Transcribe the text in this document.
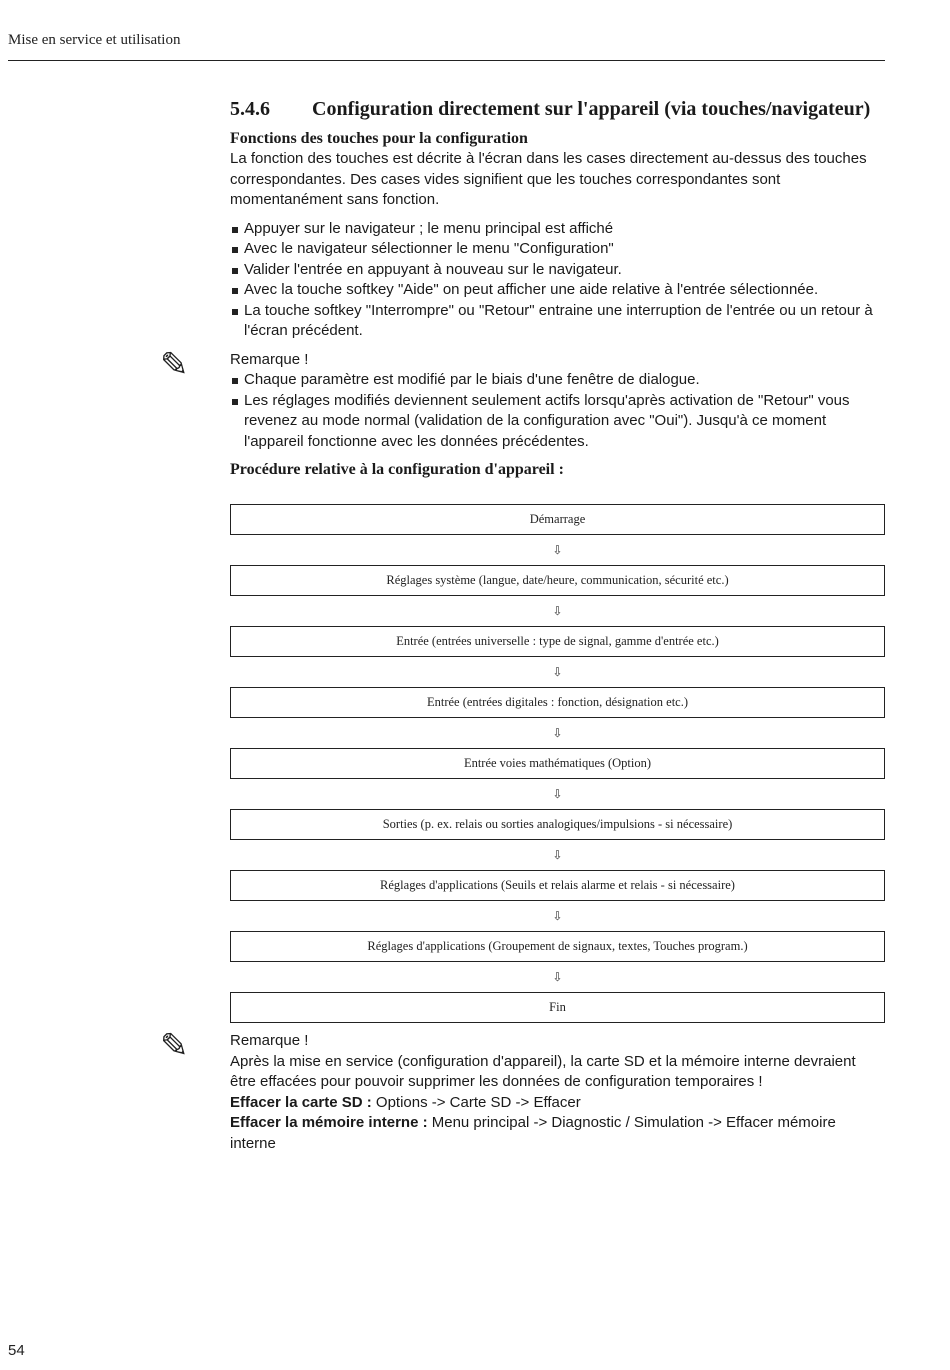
Mise en service et utilisation
5.4.6	Configuration directement sur l'appareil (via touches/navigateur)
Fonctions des touches pour la configuration

La fonction des touches est décrite à l'écran dans les cases directement au-dessus des touches correspondantes. Des cases vides signifient que les touches correspondantes sont momentanément sans fonction.

Appuyer sur le navigateur ; le menu principal est affiché
Avec le navigateur sélectionner le menu "Configuration"
Valider l'entrée en appuyant à nouveau sur le navigateur.
Avec la touche softkey "Aide" on peut afficher une aide relative à l'entrée sélectionnée.
La touche softkey "Interrompre" ou "Retour" entraine une interruption de l'entrée ou un retour à l'écran précédent.
✎	Remarque !

Chaque paramètre est modifié par le biais d'une fenêtre de dialogue.
Les réglages modifiés deviennent seulement actifs lorsqu'après activation de "Retour" vous revenez au mode normal (validation de la configuration avec "Oui"). Jusqu'à ce moment l'appareil fonctionne avec les données précédentes.
Procédure relative à la configuration d'appareil :
Démarrage
⇩
Réglages système (langue, date/heure, communication, sécurité etc.)
⇩
Entrée (entrées universelle : type de signal, gamme d'entrée etc.)
⇩
Entrée (entrées digitales : fonction, désignation etc.)
⇩
Entrée voies mathématiques (Option)
⇩
Sorties (p. ex. relais ou sorties analogiques/impulsions - si nécessaire)
⇩
Réglages d'applications (Seuils et relais alarme et relais - si nécessaire)
⇩
Réglages d'applications (Groupement de signaux, textes, Touches program.)
⇩
Fin
✎	Remarque !

Après la mise en service (configuration d'appareil), la carte SD et la mémoire interne devraient être effacées pour pouvoir supprimer les données de configuration temporaires !

Effacer la carte SD : Options -> Carte SD -> Effacer

Effacer la mémoire interne : Menu principal -> Diagnostic / Simulation -> Effacer mémoire interne

54
